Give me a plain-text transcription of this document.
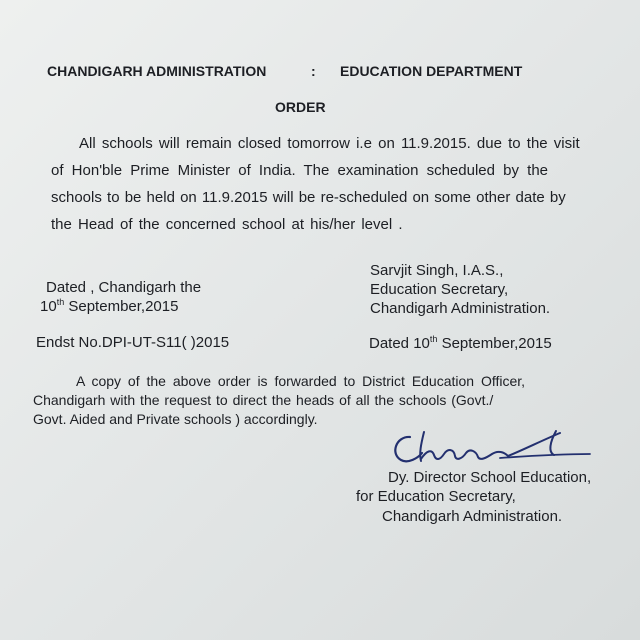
CHANDIGARH ADMINISTRATION	: EDUCATION DEPARTMENT
ORDER
All schools will remain closed tomorrow i.e on 11.9.2015. due to the visit
of Hon'ble Prime Minister of India. The examination scheduled by the
schools to be held on 11.9.2015 will be re-scheduled on some other date by
the Head of the concerned school at his/her level .
Dated , Chandigarh the
10th September,2015
Sarvjit Singh, I.A.S.,
Education Secretary,
Chandigarh Administration.
Endst No.DPI-UT-S11( )2015	Dated 10th September,2015
A copy of the above order is forwarded to District Education Officer,
Chandigarh with the request to direct the heads of all the schools (Govt./
Govt. Aided and Private schools ) accordingly.
Dy. Director School Education,
for Education Secretary,
Chandigarh Administration.
